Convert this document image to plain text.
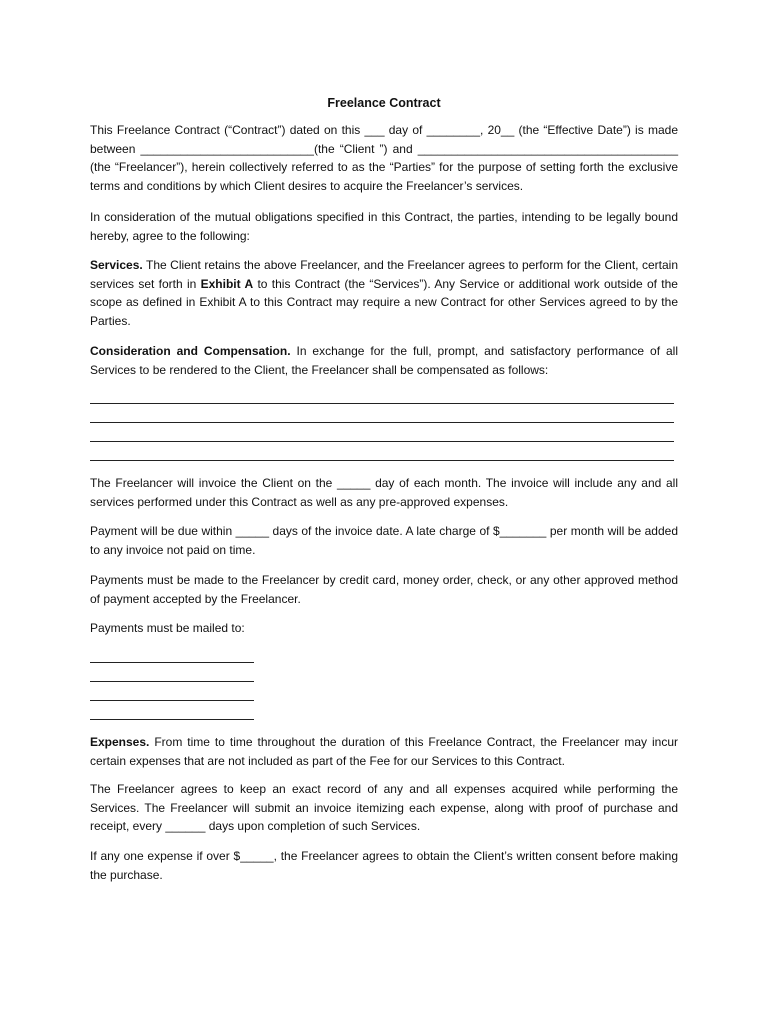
Freelance Contract

This Freelance Contract (“Contract”) dated on this ___ day of ________, 20__ (the “Effective Date”) is made between __________________________(the “Client ”) and _______________________________________ (the “Freelancer”), herein collectively referred to as the “Parties” for the purpose of setting forth the exclusive terms and conditions by which Client desires to acquire the Freelancer’s services.

In consideration of the mutual obligations specified in this Contract, the parties, intending to be legally bound hereby, agree to the following:

Services. The Client retains the above Freelancer, and the Freelancer agrees to perform for the Client, certain services set forth in Exhibit A to this Contract (the “Services”). Any Service or additional work outside of the scope as defined in Exhibit A to this Contract may require a new Contract for other Services agreed to by the Parties.

Consideration and Compensation. In exchange for the full, prompt, and satisfactory performance of all Services to be rendered to the Client, the Freelancer shall be compensated as follows:

The Freelancer will invoice the Client on the _____ day of each month. The invoice will include any and all services performed under this Contract as well as any pre-approved expenses.

Payment will be due within _____ days of the invoice date. A late charge of $_______ per month will be added to any invoice not paid on time.

Payments must be made to the Freelancer by credit card, money order, check, or any other approved method of payment accepted by the Freelancer.

Payments must be mailed to:

Expenses. From time to time throughout the duration of this Freelance Contract, the Freelancer may incur certain expenses that are not included as part of the Fee for our Services to this Contract.

The Freelancer agrees to keep an exact record of any and all expenses acquired while performing the Services. The Freelancer will submit an invoice itemizing each expense, along with proof of purchase and receipt, every ______ days upon completion of such Services.

If any one expense if over $_____, the Freelancer agrees to obtain the Client’s written consent before making the purchase.
